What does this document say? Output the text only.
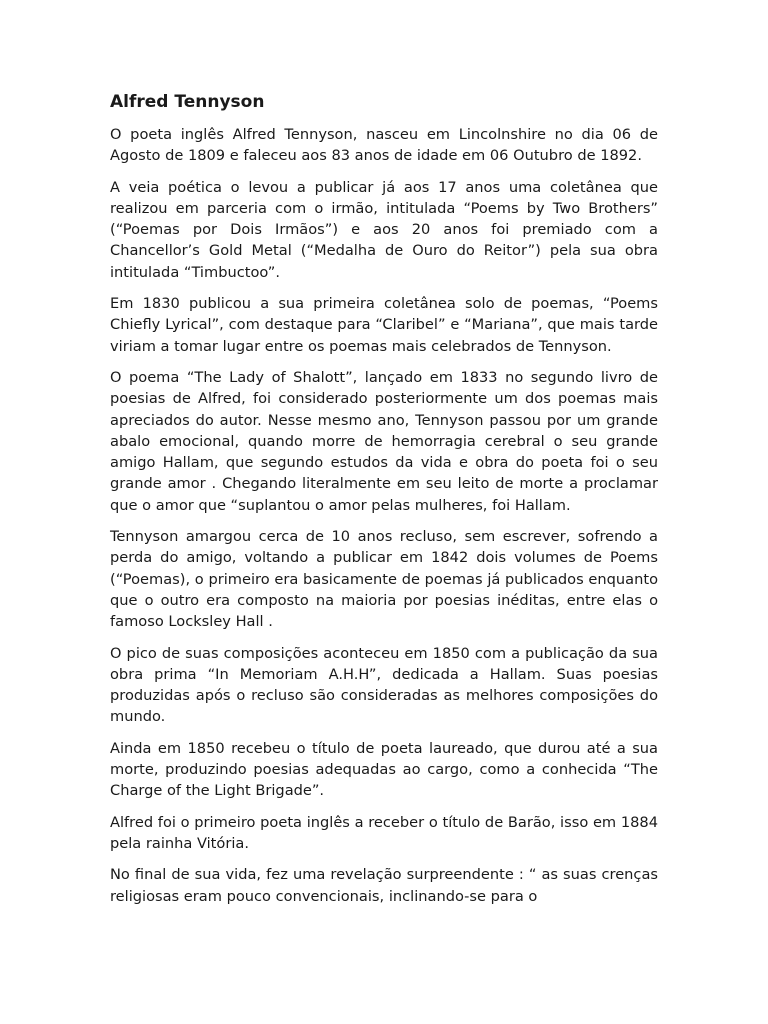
Alfred Tennyson

O poeta inglês Alfred Tennyson, nasceu em Lincolnshire no dia 06 de Agosto de 1809 e faleceu aos 83 anos de idade em 06 Outubro de 1892.

A veia poética o levou a publicar já aos 17 anos uma coletânea que realizou em parceria com o irmão, intitulada “Poems by Two Brothers” (“Poemas por Dois Irmãos”) e aos 20 anos foi premiado com a Chancellor’s Gold Metal (“Medalha de Ouro do Reitor”) pela sua obra intitulada “Timbuctoo”.

Em 1830 publicou a sua primeira coletânea solo de poemas, “Poems Chiefly Lyrical”, com destaque para “Claribel” e “Mariana”, que mais tarde viriam a tomar lugar entre os poemas mais celebrados de Tennyson.

O poema “The Lady of Shalott”, lançado em 1833 no segundo livro de poesias de Alfred, foi considerado posteriormente um dos poemas mais apreciados do autor. Nesse mesmo ano, Tennyson passou por um grande abalo emocional, quando morre de hemorragia cerebral o seu grande amigo Hallam, que segundo estudos da vida e obra do poeta foi o seu grande amor . Chegando literalmente em seu leito de morte a proclamar que o amor que “suplantou o amor pelas mulheres, foi Hallam.

Tennyson amargou cerca de 10 anos recluso, sem escrever, sofrendo a perda do amigo, voltando a publicar em 1842 dois volumes de Poems (“Poemas), o primeiro era basicamente de poemas já publicados enquanto que o outro era composto na maioria por poesias inéditas, entre elas o famoso Locksley Hall .

O pico de suas composições aconteceu em 1850 com a publicação da sua obra prima “In Memoriam A.H.H”, dedicada a Hallam. Suas poesias produzidas após o recluso são consideradas as melhores composições do mundo.

Ainda em 1850 recebeu o título de poeta laureado, que durou até a sua morte, produzindo poesias adequadas ao cargo, como a conhecida “The Charge of the Light Brigade”.

Alfred foi o primeiro poeta inglês a receber o título de Barão, isso em 1884 pela rainha Vitória.

No final de sua vida, fez uma revelação surpreendente : “ as suas crenças religiosas eram pouco convencionais, inclinando-se para o
